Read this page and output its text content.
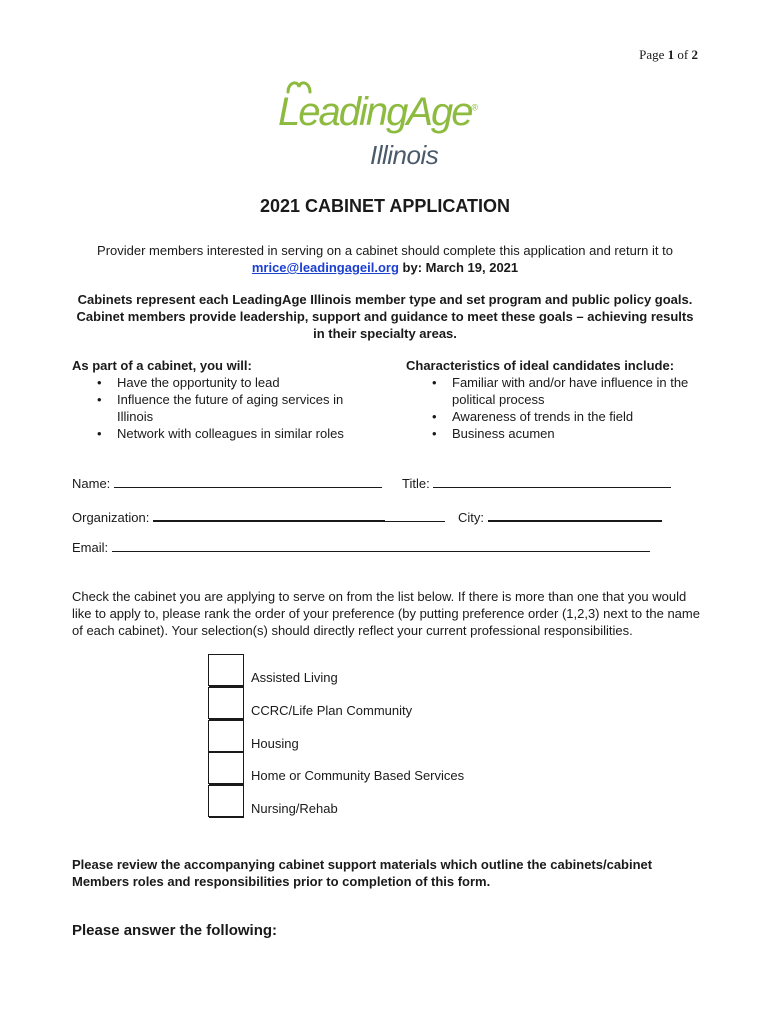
Page 1 of 2
LeadingAge®
Illinois
2021 CABINET APPLICATION
Provider members interested in serving on a cabinet should complete this application and return it to mrice@leadingageil.org by: March 19, 2021
Cabinets represent each LeadingAge Illinois member type and set program and public policy goals. Cabinet members provide leadership, support and guidance to meet these goals – achieving results in their specialty areas.
As part of a cabinet, you will:
• Have the opportunity to lead
• Influence the future of aging services in Illinois
• Network with colleagues in similar roles
Characteristics of ideal candidates include:
• Familiar with and/or have influence in the political process
• Awareness of trends in the field
• Business acumen
Name:	Title:
Organization:	City:
Email:
Check the cabinet you are applying to serve on from the list below. If there is more than one that you would like to apply to, please rank the order of your preference (by putting preference order (1,2,3) next to the name of each cabinet). Your selection(s) should directly reflect your current professional responsibilities.
Assisted Living
CCRC/Life Plan Community
Housing
Home or Community Based Services
Nursing/Rehab
Please review the accompanying cabinet support materials which outline the cabinets/cabinet Members roles and responsibilities prior to completion of this form.
Please answer the following:
